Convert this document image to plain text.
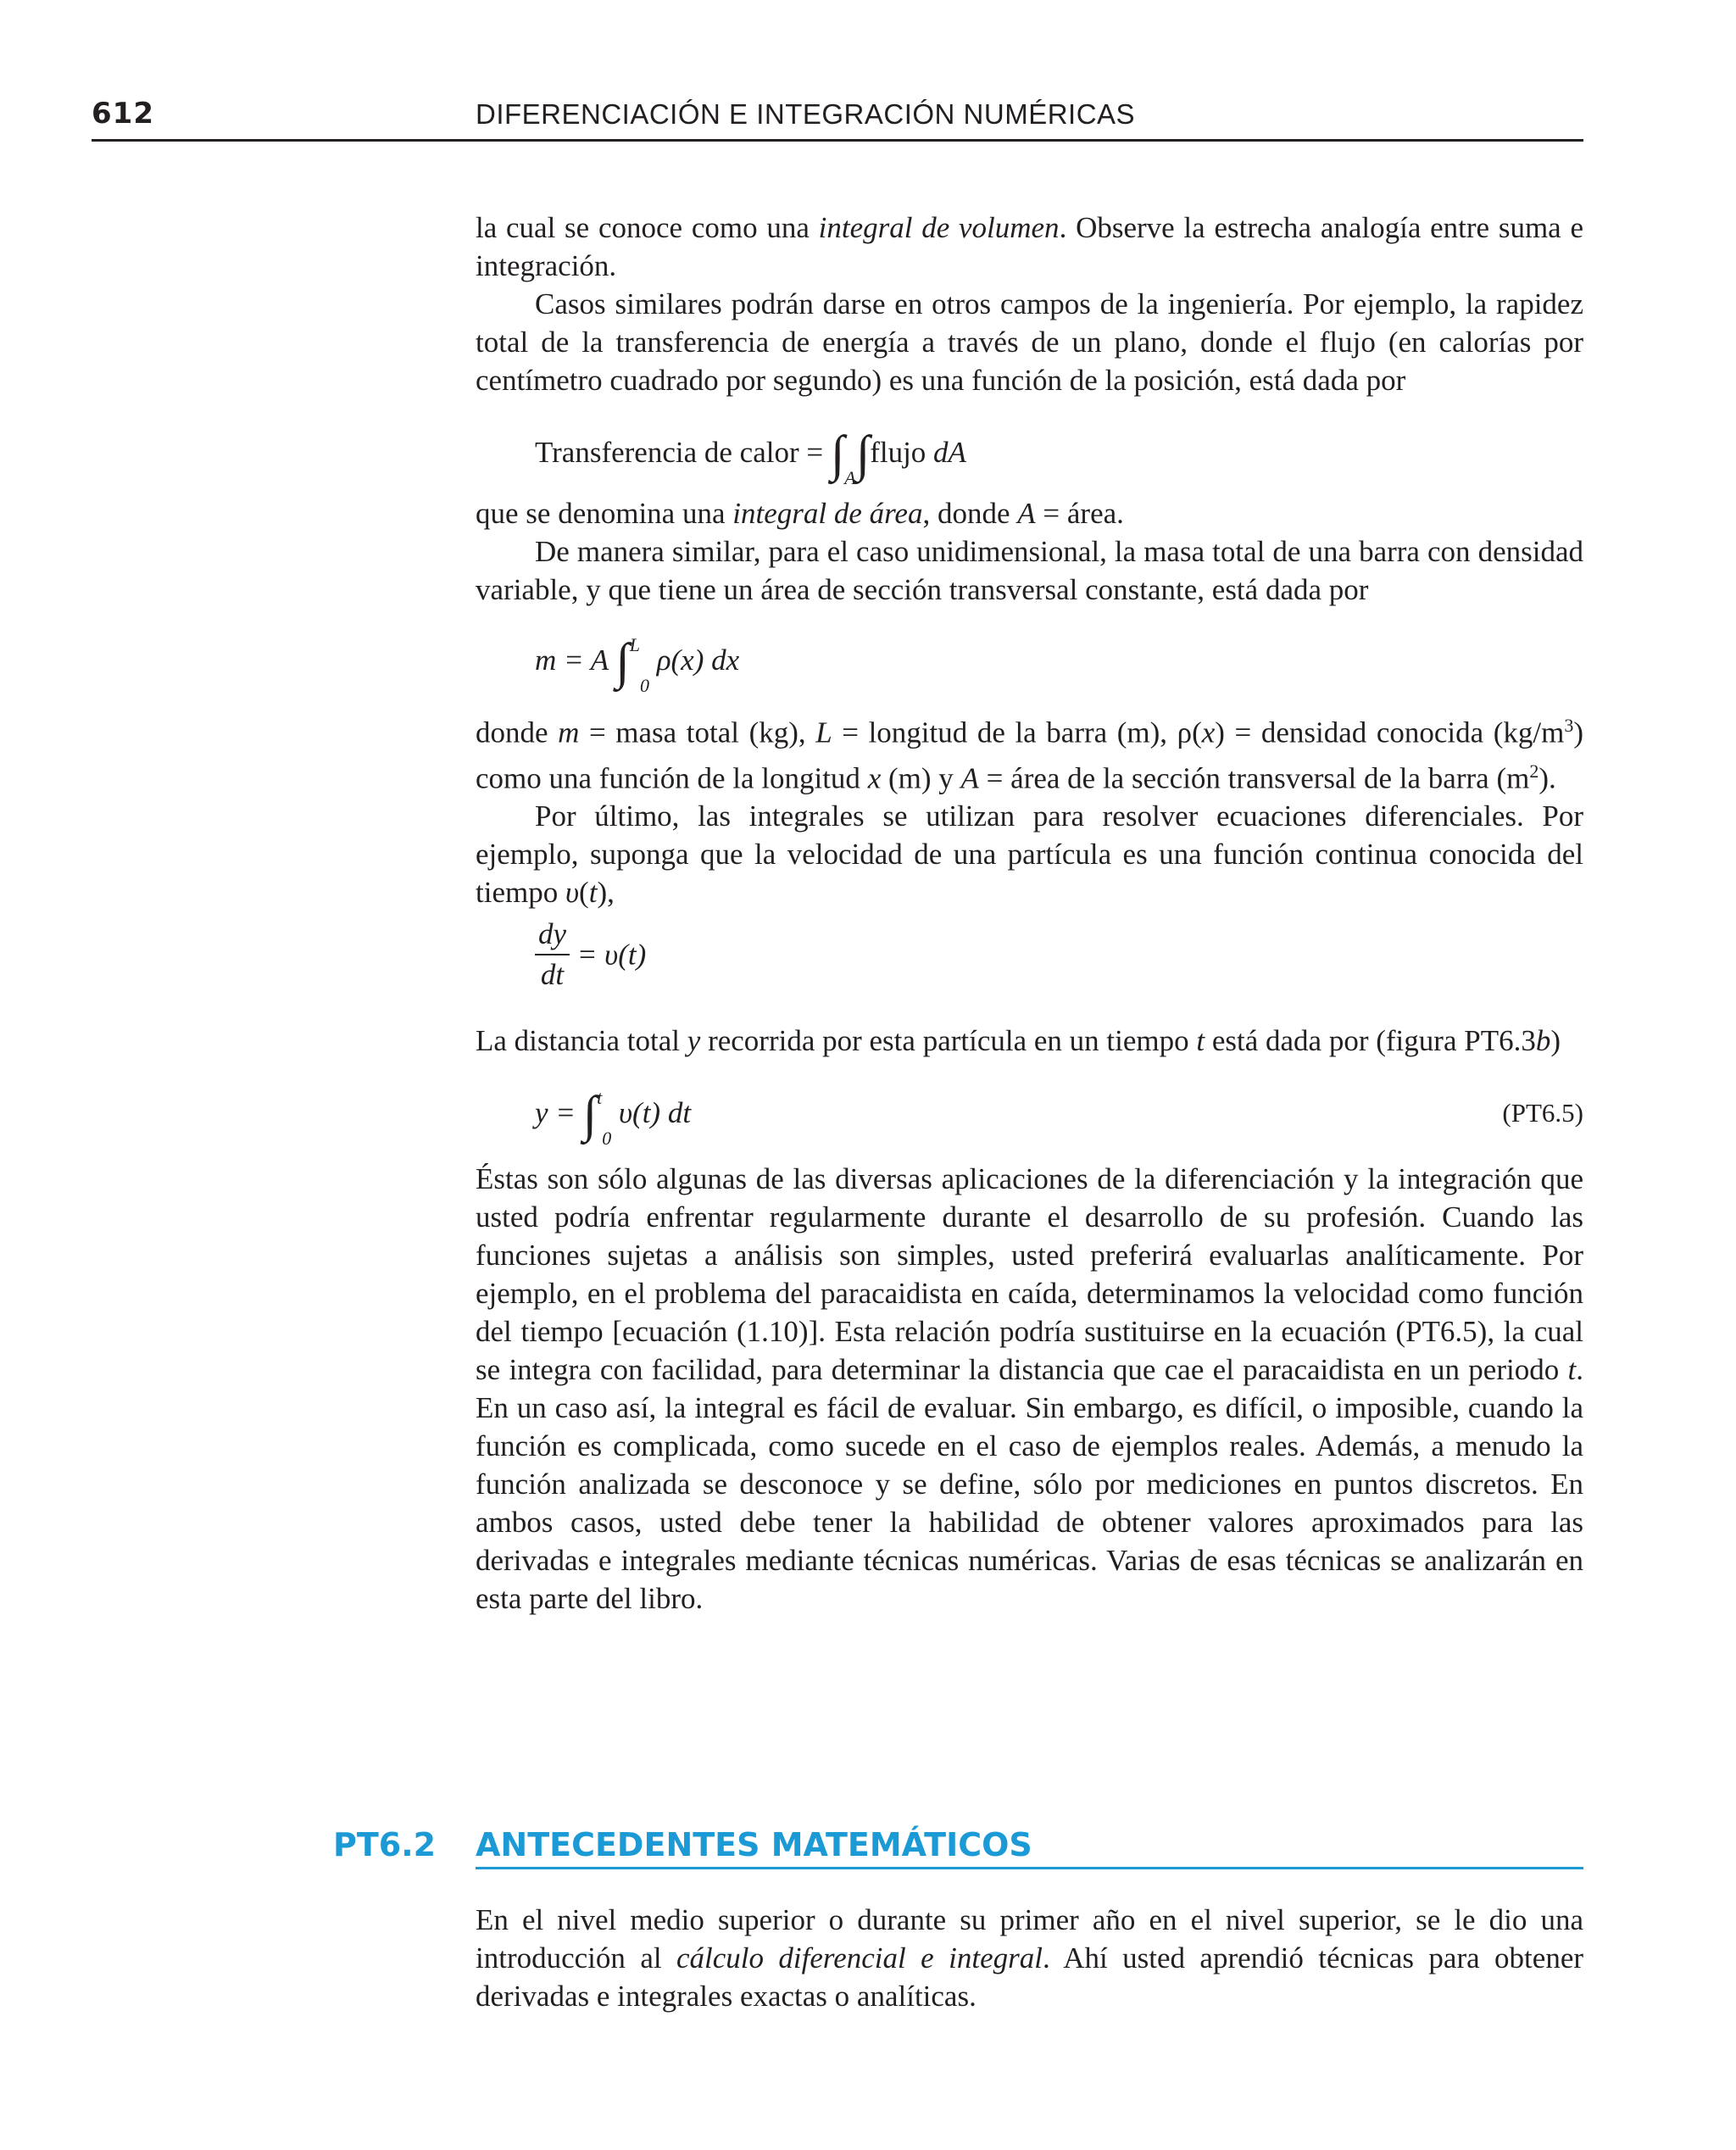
612	DIFERENCIACIÓN E INTEGRACIÓN NUMÉRICAS

la cual se conoce como una integral de volumen. Observe la estrecha analogía entre suma e integración.

Casos similares podrán darse en otros campos de la ingeniería. Por ejemplo, la rapidez total de la transferencia de energía a través de un plano, donde el flujo (en calorías por centímetro cuadrado por segundo) es una función de la posición, está dada por

Transferencia de calor = $\int_A\int flujo$ dA

que se denomina una integral de área, donde A = área.

De manera similar, para el caso unidimensional, la masa total de una barra con densidad variable, y que tiene un área de sección transversal constante, está dada por

m = A ∫$^L_0$ ρ(x) dx

donde m = masa total (kg), L = longitud de la barra (m), ρ(x) = densidad conocida $(kg/m^3)$ como una función de la longitud x (m) y A = área de la sección transversal de la barra $(m^2)$.

Por último, las integrales se utilizan para resolver ecuaciones diferenciales. Por ejemplo, suponga que la velocidad de una partícula es una función continua conocida del tiempo υ(t),

$\frac{dy}{dt} = \upsilon(t)$

La distancia total y recorrida por esta partícula en un tiempo t está dada por (figura PT6.3b)

y = ∫$^t_0$ υ(t) dt	(PT6.5)

Éstas son sólo algunas de las diversas aplicaciones de la diferenciación y la integración que usted podría enfrentar regularmente durante el desarrollo de su profesión. Cuando las funciones sujetas a análisis son simples, usted preferirá evaluarlas analíticamente. Por ejemplo, en el problema del paracaidista en caída, determinamos la velocidad como función del tiempo [ecuación (1.10)]. Esta relación podría sustituirse en la ecuación (PT6.5), la cual se integra con facilidad, para determinar la distancia que cae el paracaidista en un periodo t. En un caso así, la integral es fácil de evaluar. Sin embargo, es difícil, o imposible, cuando la función es complicada, como sucede en el caso de ejemplos reales. Además, a menudo la función analizada se desconoce y se define, sólo por mediciones en puntos discretos. En ambos casos, usted debe tener la habilidad de obtener valores aproximados para las derivadas e integrales mediante técnicas numéricas. Varias de esas técnicas se analizarán en esta parte del libro.

PT6.2 ANTECEDENTES MATEMÁTICOS

En el nivel medio superior o durante su primer año en el nivel superior, se le dio una introducción al cálculo diferencial e integral. Ahí usted aprendió técnicas para obtener derivadas e integrales exactas o analíticas.
